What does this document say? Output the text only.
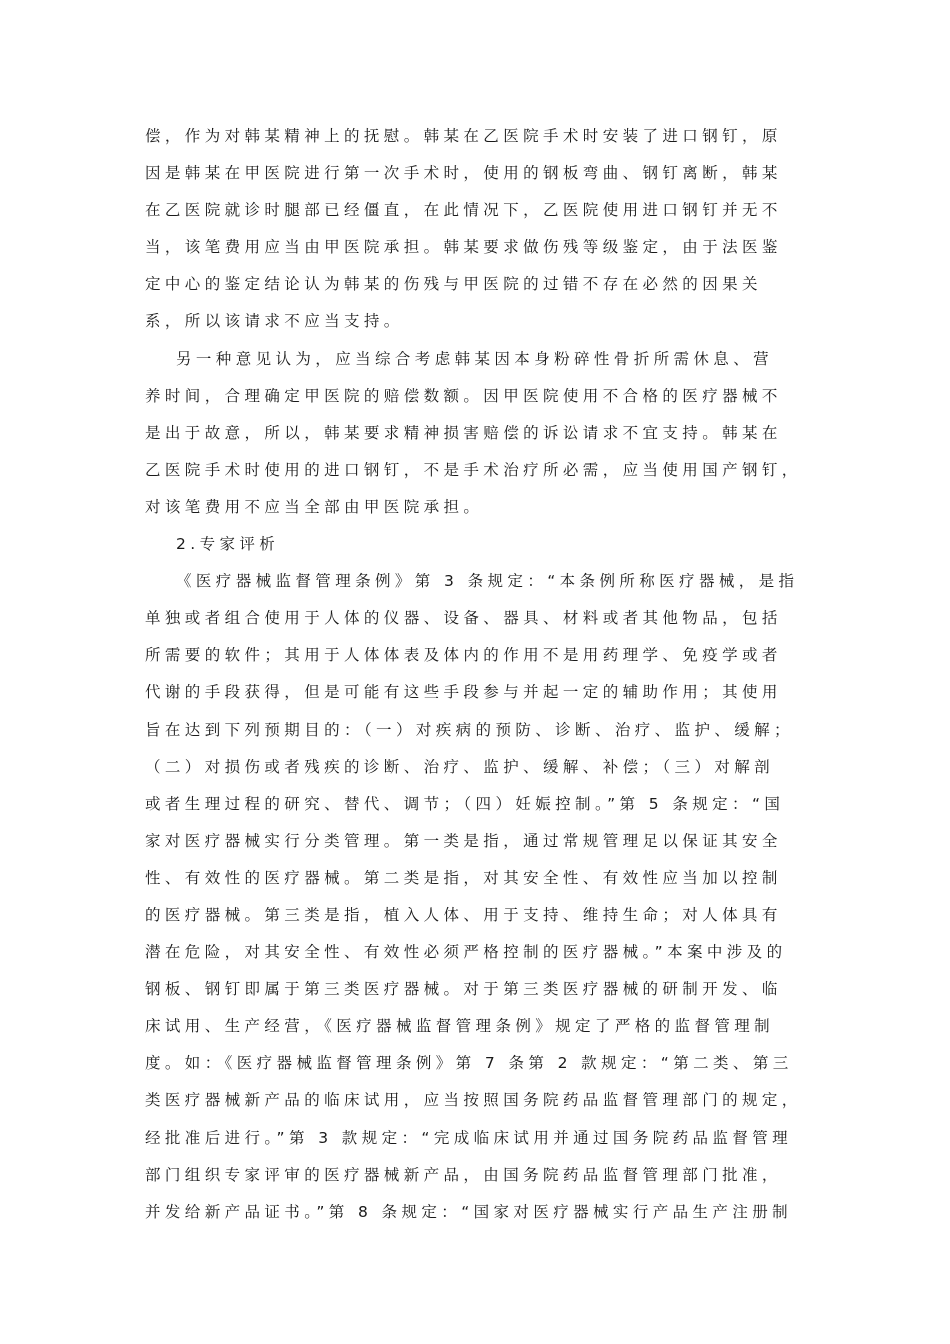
偿，作为对韩某精神上的抚慰。韩某在乙医院手术时安装了进口钢钉，原
因是韩某在甲医院进行第一次手术时，使用的钢板弯曲、钢钉离断，韩某
在乙医院就诊时腿部已经僵直，在此情况下，乙医院使用进口钢钉并无不
当，该笔费用应当由甲医院承担。韩某要求做伤残等级鉴定，由于法医鉴
定中心的鉴定结论认为韩某的伤残与甲医院的过错不存在必然的因果关
系，所以该请求不应当支持。
另一种意见认为，应当综合考虑韩某因本身粉碎性骨折所需休息、营
养时间，合理确定甲医院的赔偿数额。因甲医院使用不合格的医疗器械不
是出于故意，所以，韩某要求精神损害赔偿的诉讼请求不宜支持。韩某在
乙医院手术时使用的进口钢钉，不是手术治疗所必需，应当使用国产钢钉，
对该笔费用不应当全部由甲医院承担。
2.专家评析
《医疗器械监督管理条例》第 3 条规定：“本条例所称医疗器械，是指
单独或者组合使用于人体的仪器、设备、器具、材料或者其他物品，包括
所需要的软件；其用于人体体表及体内的作用不是用药理学、免疫学或者
代谢的手段获得，但是可能有这些手段参与并起一定的辅助作用；其使用
旨在达到下列预期目的：（一）对疾病的预防、诊断、治疗、监护、缓解；
（二）对损伤或者残疾的诊断、治疗、监护、缓解、补偿；（三）对解剖
或者生理过程的研究、替代、调节；（四）妊娠控制。”第 5 条规定：“国
家对医疗器械实行分类管理。第一类是指，通过常规管理足以保证其安全
性、有效性的医疗器械。第二类是指，对其安全性、有效性应当加以控制
的医疗器械。第三类是指，植入人体、用于支持、维持生命；对人体具有
潜在危险，对其安全性、有效性必须严格控制的医疗器械。”本案中涉及的
钢板、钢钉即属于第三类医疗器械。对于第三类医疗器械的研制开发、临
床试用、生产经营，《医疗器械监督管理条例》规定了严格的监督管理制
度。如：《医疗器械监督管理条例》第 7 条第 2 款规定：“第二类、第三
类医疗器械新产品的临床试用，应当按照国务院药品监督管理部门的规定，
经批准后进行。”第 3 款规定：“完成临床试用并通过国务院药品监督管理
部门组织专家评审的医疗器械新产品，由国务院药品监督管理部门批准，
并发给新产品证书。”第 8 条规定：“国家对医疗器械实行产品生产注册制
